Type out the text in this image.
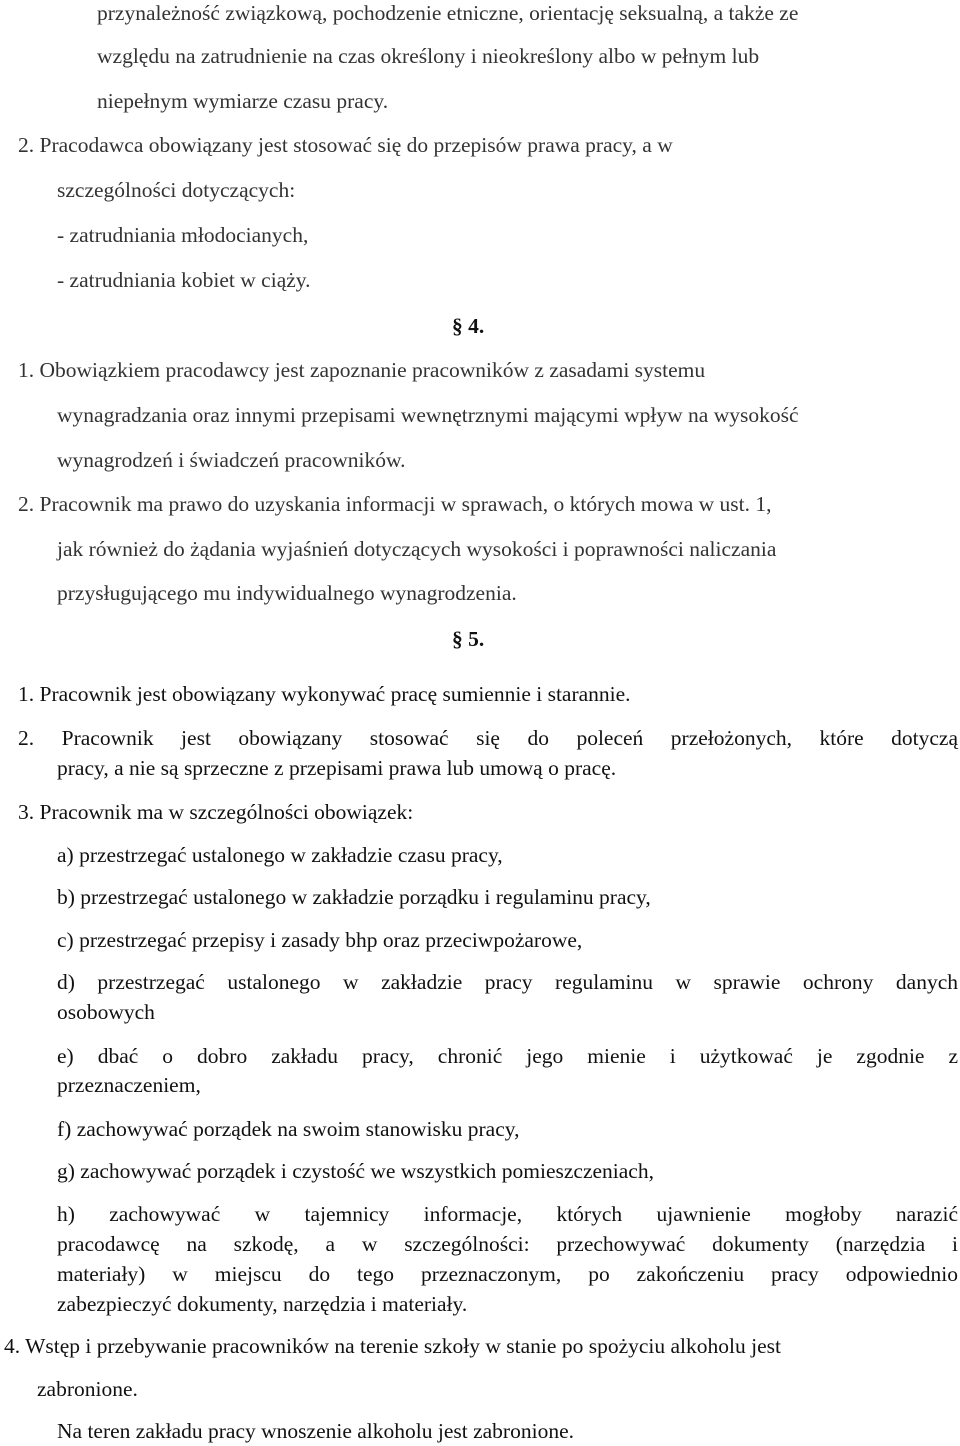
przynależność związkową, pochodzenie etniczne, orientację seksualną, a także ze

względu na zatrudnienie na czas określony i nieokreślony albo w pełnym lub

niepełnym wymiarze czasu pracy.

2. Pracodawca obowiązany jest stosować się do przepisów prawa pracy, a w

szczególności dotyczących:

- zatrudniania młodocianych,

- zatrudniania kobiet w ciąży.

§ 4.

1. Obowiązkiem pracodawcy jest zapoznanie pracowników z zasadami systemu

wynagradzania oraz innymi przepisami wewnętrznymi mającymi wpływ na wysokość

wynagrodzeń i świadczeń pracowników.

2. Pracownik ma prawo do uzyskania informacji w sprawach, o których mowa w ust. 1,

jak również do żądania wyjaśnień dotyczących wysokości i poprawności naliczania

przysługującego mu indywidualnego wynagrodzenia.

§ 5.

1. Pracownik jest obowiązany wykonywać pracę sumiennie i starannie.

2. Pracownik jest obowiązany stosować się do poleceń przełożonych, które dotyczą

pracy, a nie są sprzeczne z przepisami prawa lub umową o pracę.

3. Pracownik ma w szczególności obowiązek:

a) przestrzegać ustalonego w zakładzie czasu pracy,

b) przestrzegać ustalonego w zakładzie porządku i regulaminu pracy,

c) przestrzegać przepisy i zasady bhp oraz przeciwpożarowe,

d) przestrzegać ustalonego w zakładzie pracy regulaminu w sprawie ochrony danych

osobowych

e) dbać o dobro zakładu pracy, chronić jego mienie i użytkować je zgodnie z

przeznaczeniem,

f) zachowywać porządek na swoim stanowisku pracy,

g) zachowywać porządek i czystość we wszystkich pomieszczeniach,

h) zachowywać w tajemnicy informacje, których ujawnienie mogłoby narazić

pracodawcę na szkodę, a w szczególności: przechowywać dokumenty (narzędzia i

materiały) w miejscu do tego przeznaczonym, po zakończeniu pracy odpowiednio

zabezpieczyć dokumenty, narzędzia i materiały.

4. Wstęp i przebywanie pracowników na terenie szkoły w stanie po spożyciu alkoholu jest

zabronione.

Na teren zakładu pracy wnoszenie alkoholu jest zabronione.
